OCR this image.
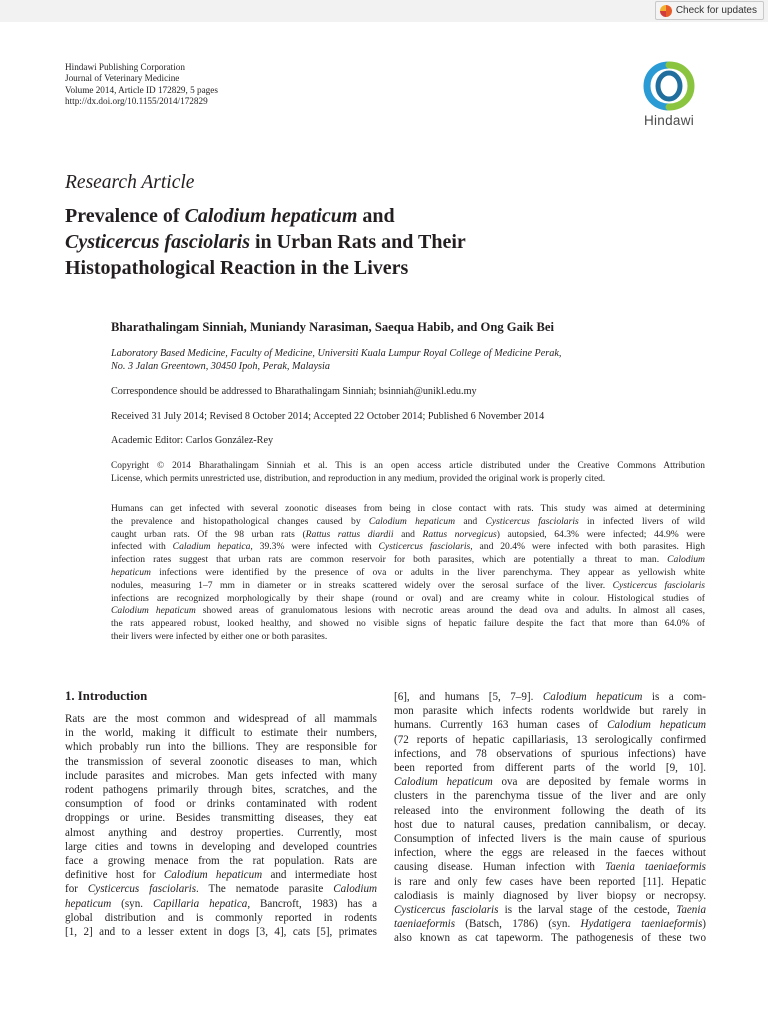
Check for updates
Hindawi Publishing Corporation
Journal of Veterinary Medicine
Volume 2014, Article ID 172829, 5 pages
http://dx.doi.org/10.1155/2014/172829
Hindawi
Research Article
Prevalence of Calodium hepaticum and
Cysticercus fasciolaris in Urban Rats and Their
Histopathological Reaction in the Livers
Bharathalingam Sinniah, Muniandy Narasiman, Saequa Habib, and Ong Gaik Bei
Laboratory Based Medicine, Faculty of Medicine, Universiti Kuala Lumpur Royal College of Medicine Perak,
No. 3 Jalan Greentown, 30450 Ipoh, Perak, Malaysia
Correspondence should be addressed to Bharathalingam Sinniah; bsinniah@unikl.edu.my
Received 31 July 2014; Revised 8 October 2014; Accepted 22 October 2014; Published 6 November 2014
Academic Editor: Carlos González-Rey
Copyright © 2014 Bharathalingam Sinniah et al. This is an open access article distributed under the Creative Commons Attribution
License, which permits unrestricted use, distribution, and reproduction in any medium, provided the original work is properly cited.
Humans can get infected with several zoonotic diseases from being in close contact with rats. This study was aimed at determining
the prevalence and histopathological changes caused by Calodium hepaticum and Cysticercus fasciolaris in infected livers of wild
caught urban rats. Of the 98 urban rats (Rattus rattus diardii and Rattus norvegicus) autopsied, 64.3% were infected; 44.9% were
infected with Caladium hepatica, 39.3% were infected with Cysticercus fasciolaris, and 20.4% were infected with both parasites. High
infection rates suggest that urban rats are common reservoir for both parasites, which are potentially a threat to man. Calodium
hepaticum infections were identified by the presence of ova or adults in the liver parenchyma. They appear as yellowish white
nodules, measuring 1–7 mm in diameter or in streaks scattered widely over the serosal surface of the liver. Cysticercus fasciolaris
infections are recognized morphologically by their shape (round or oval) and are creamy white in colour. Histological studies of
Calodium hepaticum showed areas of granulomatous lesions with necrotic areas around the dead ova and adults. In almost all cases,
the rats appeared robust, looked healthy, and showed no visible signs of hepatic failure despite the fact that more than 64.0% of
their livers were infected by either one or both parasites.
1. Introduction
Rats are the most common and widespread of all mammals
in the world, making it difficult to estimate their numbers,
which probably run into the billions. They are responsible for
the transmission of several zoonotic diseases to man, which
include parasites and microbes. Man gets infected with many
rodent pathogens primarily through bites, scratches, and the
consumption of food or drinks contaminated with rodent
droppings or urine. Besides transmitting diseases, they eat
almost anything and destroy properties. Currently, most
large cities and towns in developing and developed countries
face a growing menace from the rat population. Rats are
definitive host for Calodium hepaticum and intermediate host
for Cysticercus fasciolaris. The nematode parasite Calodium
hepaticum (syn. Capillaria hepatica, Bancroft, 1983) has a
global distribution and is commonly reported in rodents
[1, 2] and to a lesser extent in dogs [3, 4], cats [5], primates
[6], and humans [5, 7–9]. Calodium hepaticum is a com-
mon parasite which infects rodents worldwide but rarely in
humans. Currently 163 human cases of Calodium hepaticum
(72 reports of hepatic capillariasis, 13 serologically confirmed
infections, and 78 observations of spurious infections) have
been reported from different parts of the world [9, 10].
Calodium hepaticum ova are deposited by female worms in
clusters in the parenchyma tissue of the liver and are only
released into the environment following the death of its
host due to natural causes, predation cannibalism, or decay.
Consumption of infected livers is the main cause of spurious
infection, where the eggs are released in the faeces without
causing disease. Human infection with Taenia taeniaeformis
is rare and only few cases have been reported [11]. Hepatic
calodiasis is mainly diagnosed by liver biopsy or necropsy.
Cysticercus fasciolaris is the larval stage of the cestode, Taenia
taeniaeformis (Batsch, 1786) (syn. Hydatigera taeniaeformis)
also known as cat tapeworm. The pathogenesis of these two
